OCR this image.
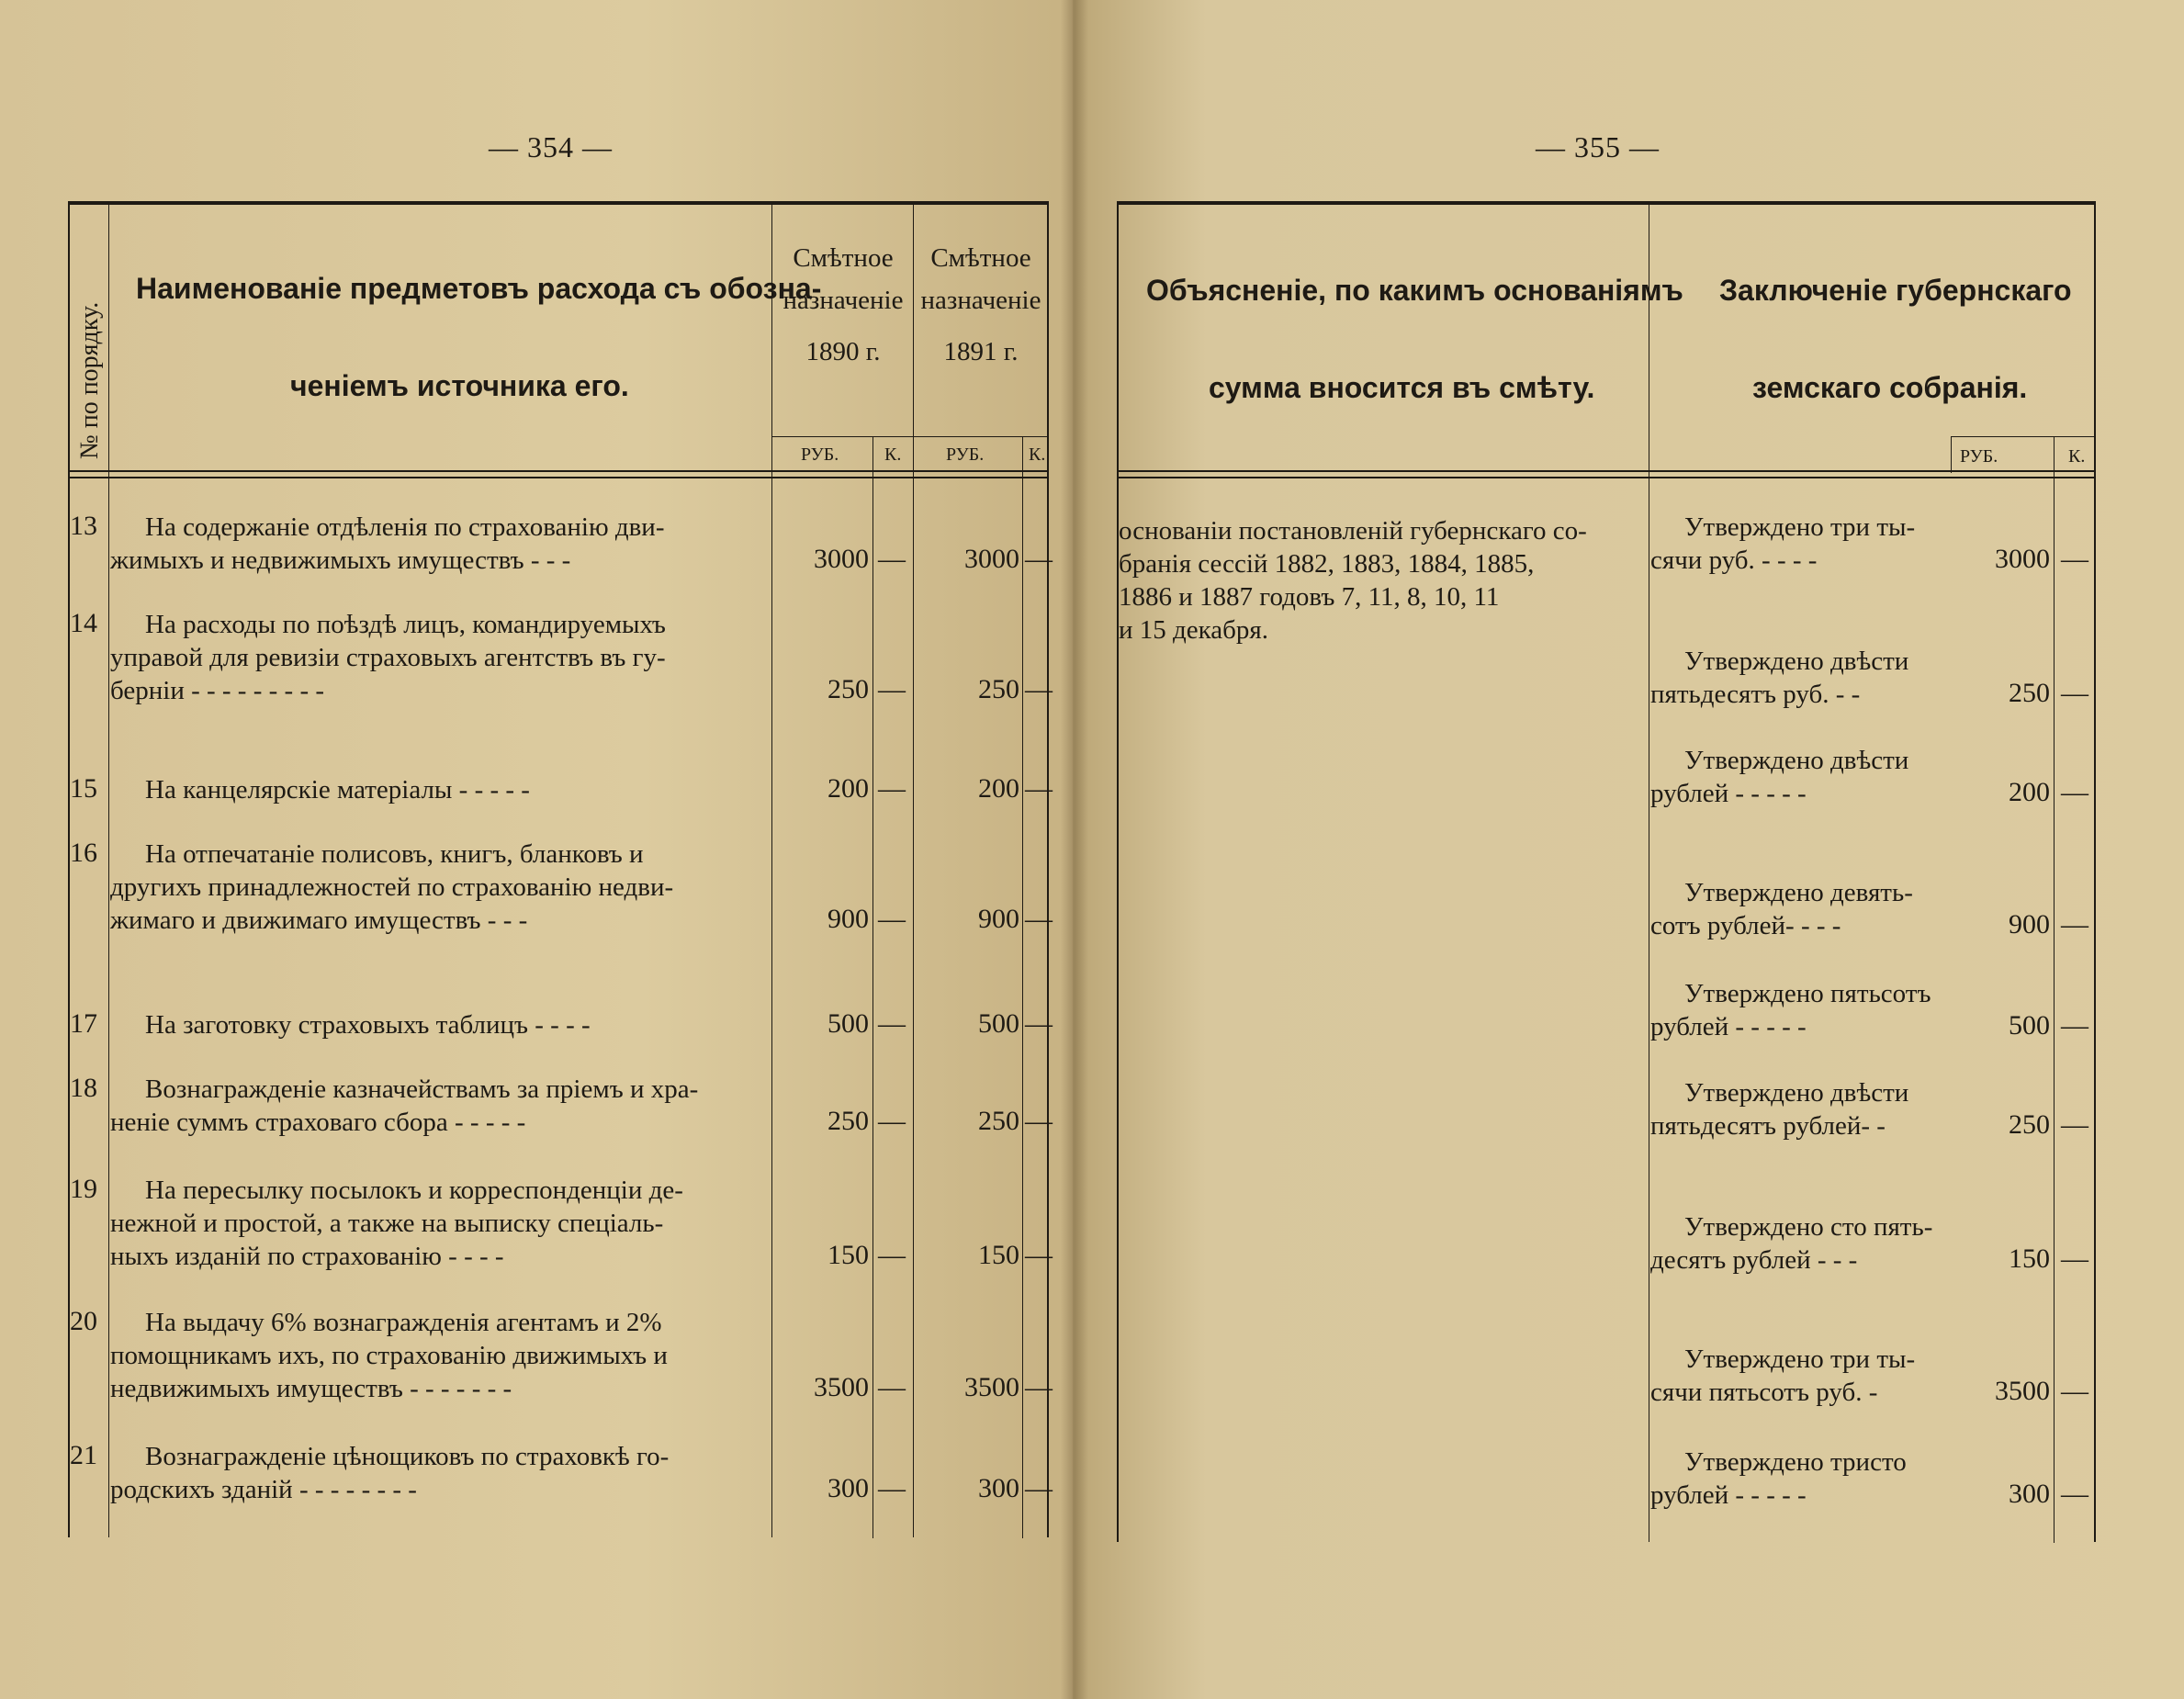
— 354 —
№ по порядку.
Наименованіе предметовъ расхода съ обозна-
ченіемъ источника его.
Смѣтное
назначеніе
1890 г.
Смѣтное
назначеніе
1891 г.
РУБ. К. РУБ. К.
13 На содержаніе отдѣленія по страхованію дви-
жимыхъ и недвижимыхъ имуществъ - - -	3000 —	3000 —
14 На расходы по поѣздѣ лицъ, командируемыхъ
управой для ревизіи страховыхъ агентствъ въ гу-
берніи - - - - - - - - -	250 —	250 —
15 На канцелярскіе матеріалы - - - - -	200 —	200 —
16 На отпечатаніе полисовъ, книгъ, бланковъ и
другихъ принадлежностей по страхованію недви-
жимаго и движимаго имуществъ - - -	900 —	900 —
17 На заготовку страховыхъ таблицъ - - - -	500 —	500 —
18 Вознагражденіе казначействамъ за пріемъ и хра-
неніе суммъ страховаго сбора - - - - -	250 —	250 —
19 На пересылку посылокъ и корреспонденціи де-
нежной и простой, а также на выписку спеціаль-
ныхъ изданій по страхованію - - - -	150 —	150 —
20 На выдачу 6% вознагражденія агентамъ и 2%
помощникамъ ихъ, по страхованію движимыхъ и
недвижимыхъ имуществъ - - - - - - -	3500 —	3500 —
21 Вознагражденіе цѣнощиковъ по страховкѣ го-
родскихъ зданій - - - - - - - -	300 —	300 —
— 355 —
Объясненіе, по какимъ основаніямъ
сумма вносится въ смѣту.
Заключеніе губернскаго
земскаго собранія.
РУБ.	К.
основаніи постановленій губернскаго со-
бранія сессій 1882, 1883, 1884, 1885,
1886 и 1887 годовъ 7, 11, 8, 10, 11
и 15 декабря.
Утверждено три ты-
сячи руб. - - - -	3000 —
Утверждено двѣсти
пятьдесятъ руб. - -	250 —
Утверждено двѣсти
рублей - - - - -	200 —
Утверждено девять-
сотъ рублей- - - -	900 —
Утверждено пятьсотъ
рублей - - - - -	500 —
Утверждено двѣсти
пятьдесятъ рублей- -	250 —
Утверждено сто пять-
десятъ рублей - - -	150 —
Утверждено три ты-
сячи пятьсотъ руб. -	3500 —
Утверждено тристо
рублей - - - - -	300 —
